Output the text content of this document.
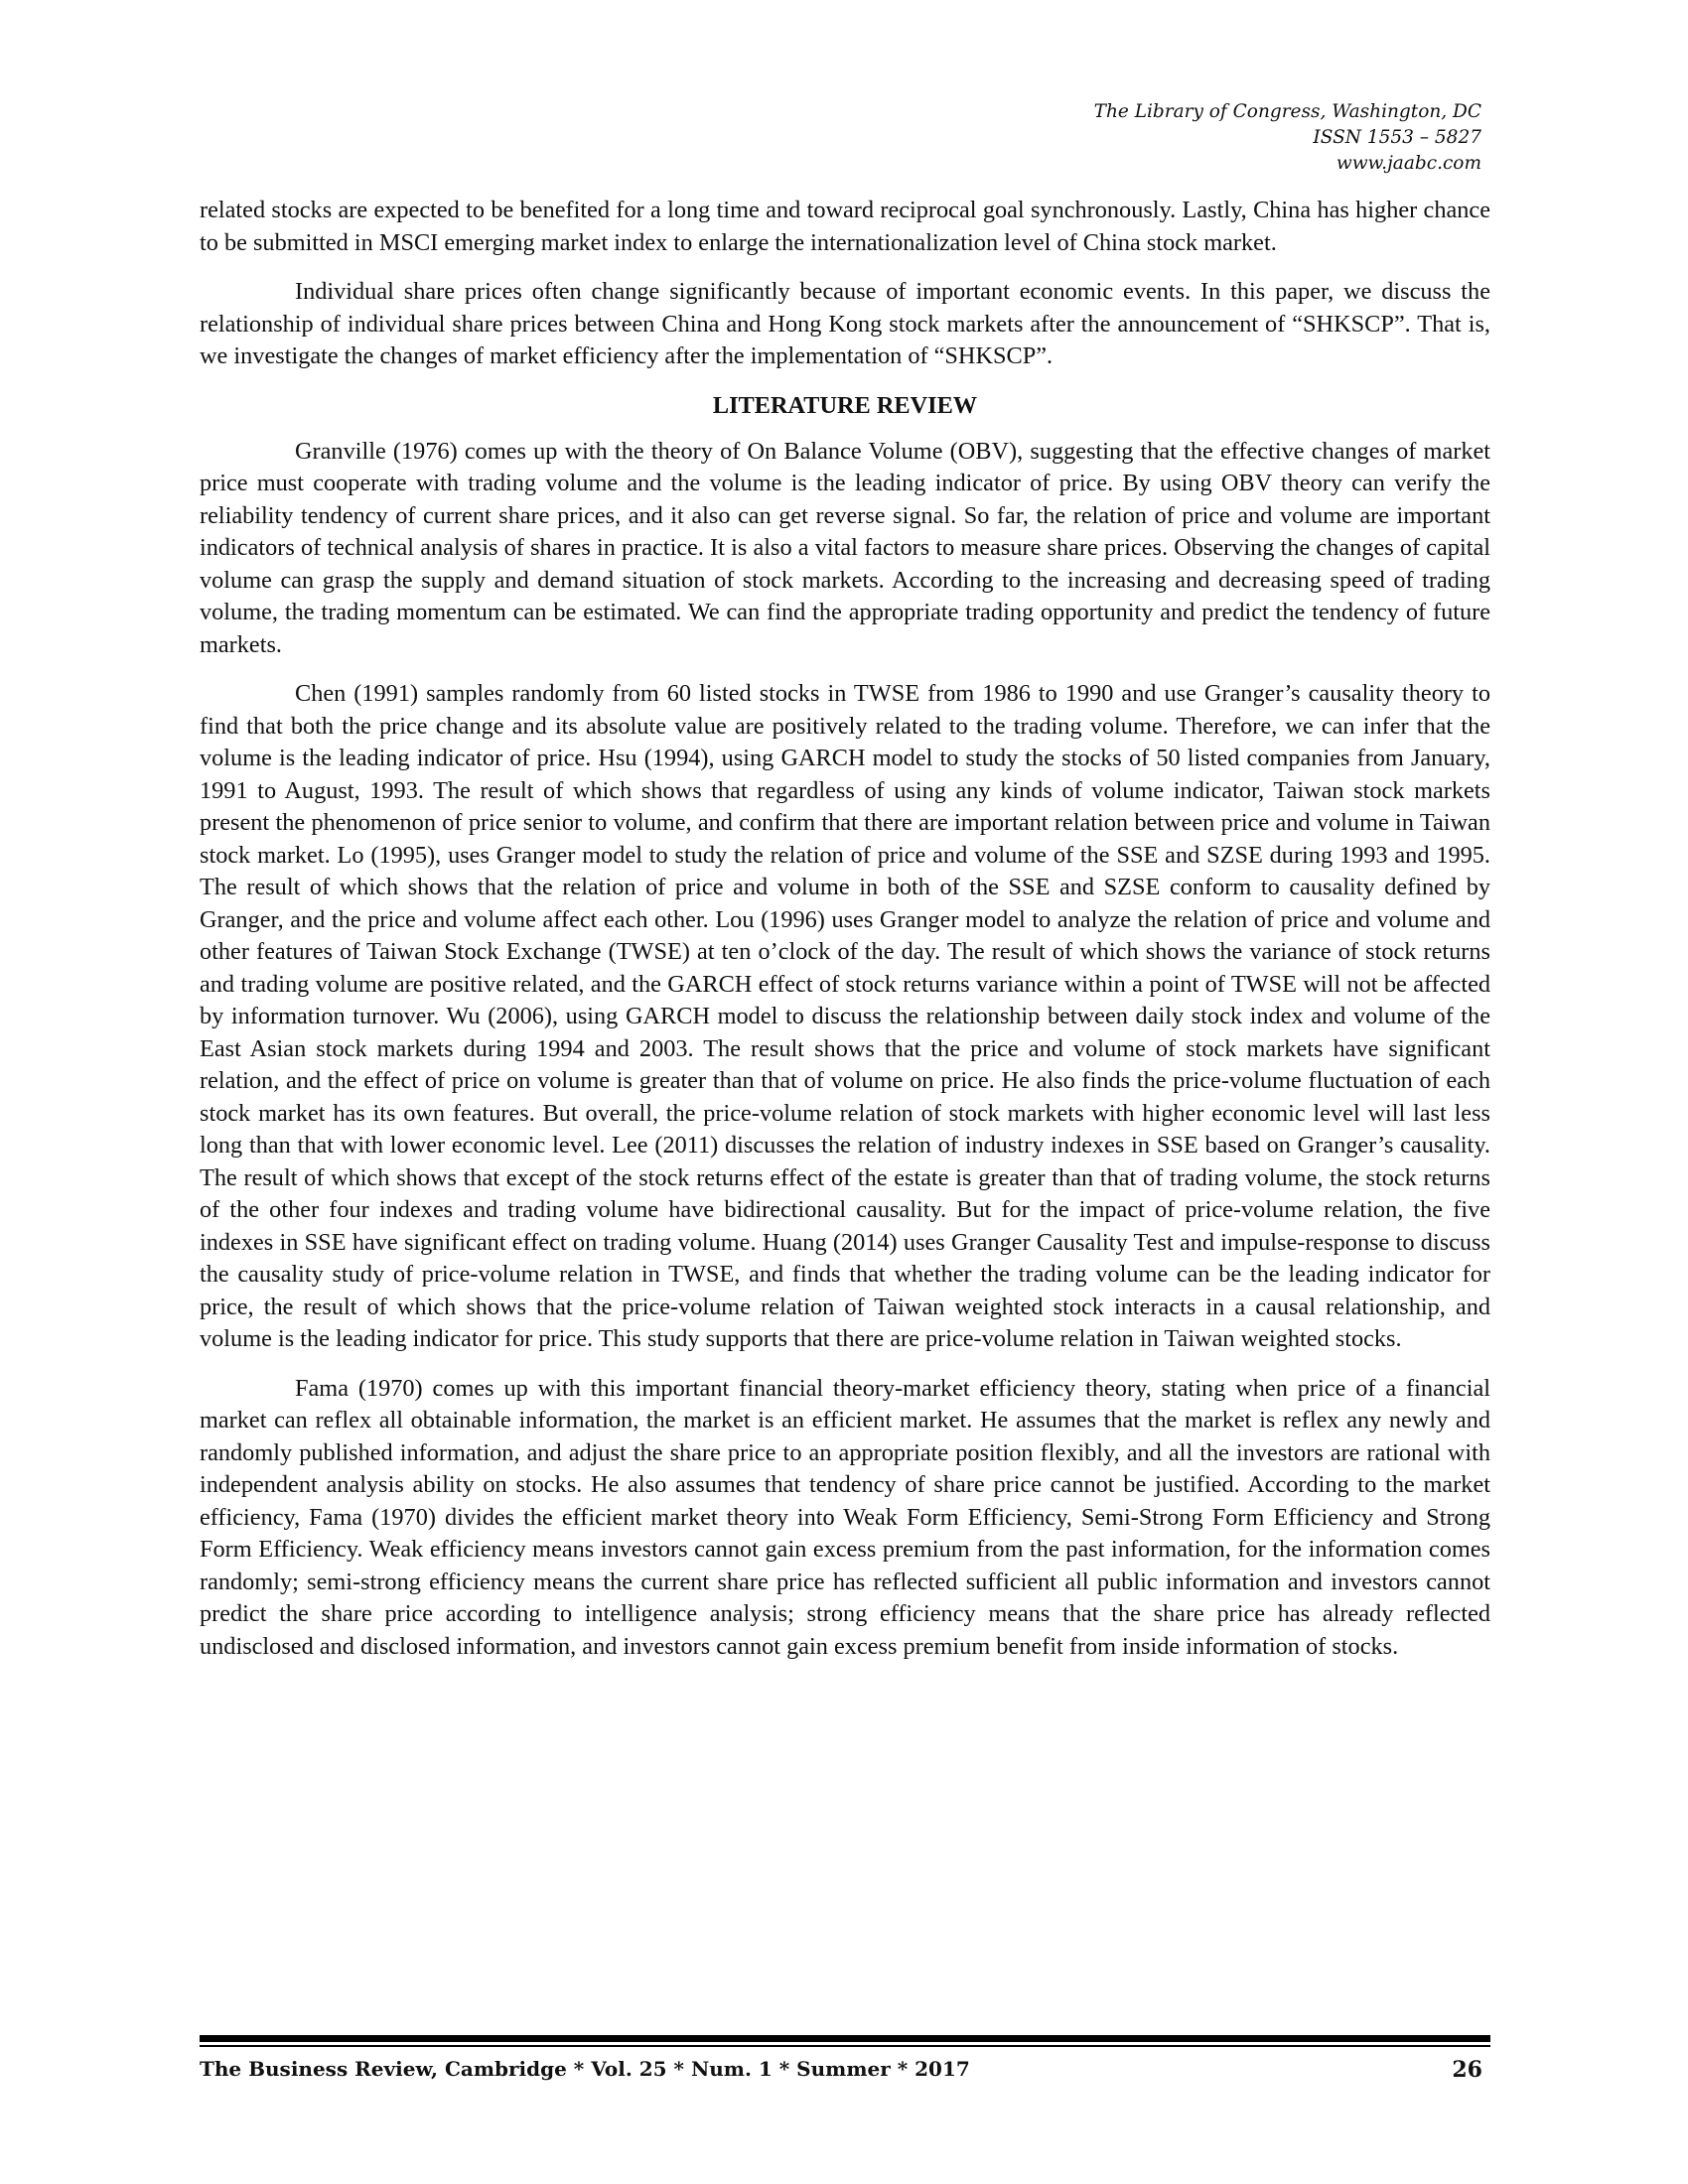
The Library of Congress, Washington, DC
ISSN 1553 – 5827
www.jaabc.com

related stocks are expected to be benefited for a long time and toward reciprocal goal synchronously. Lastly, China has higher chance to be submitted in MSCI emerging market index to enlarge the internationalization level of China stock market.

Individual share prices often change significantly because of important economic events. In this paper, we discuss the relationship of individual share prices between China and Hong Kong stock markets after the announcement of “SHKSCP”. That is, we investigate the changes of market efficiency after the implementation of “SHKSCP”.

LITERATURE REVIEW

Granville (1976) comes up with the theory of On Balance Volume (OBV), suggesting that the effective changes of market price must cooperate with trading volume and the volume is the leading indicator of price. By using OBV theory can verify the reliability tendency of current share prices, and it also can get reverse signal. So far, the relation of price and volume are important indicators of technical analysis of shares in practice. It is also a vital factors to measure share prices. Observing the changes of capital volume can grasp the supply and demand situation of stock markets. According to the increasing and decreasing speed of trading volume, the trading momentum can be estimated. We can find the appropriate trading opportunity and predict the tendency of future markets.

Chen (1991) samples randomly from 60 listed stocks in TWSE from 1986 to 1990 and use Granger’s causality theory to find that both the price change and its absolute value are positively related to the trading volume. Therefore, we can infer that the volume is the leading indicator of price. Hsu (1994), using GARCH model to study the stocks of 50 listed companies from January, 1991 to August, 1993. The result of which shows that regardless of using any kinds of volume indicator, Taiwan stock markets present the phenomenon of price senior to volume, and confirm that there are important relation between price and volume in Taiwan stock market. Lo (1995), uses Granger model to study the relation of price and volume of the SSE and SZSE during 1993 and 1995. The result of which shows that the relation of price and volume in both of the SSE and SZSE conform to causality defined by Granger, and the price and volume affect each other. Lou (1996) uses Granger model to analyze the relation of price and volume and other features of Taiwan Stock Exchange (TWSE) at ten o’clock of the day. The result of which shows the variance of stock returns and trading volume are positive related, and the GARCH effect of stock returns variance within a point of TWSE will not be affected by information turnover. Wu (2006), using GARCH model to discuss the relationship between daily stock index and volume of the East Asian stock markets during 1994 and 2003. The result shows that the price and volume of stock markets have significant relation, and the effect of price on volume is greater than that of volume on price. He also finds the price-volume fluctuation of each stock market has its own features. But overall, the price-volume relation of stock markets with higher economic level will last less long than that with lower economic level. Lee (2011) discusses the relation of industry indexes in SSE based on Granger’s causality. The result of which shows that except of the stock returns effect of the estate is greater than that of trading volume, the stock returns of the other four indexes and trading volume have bidirectional causality. But for the impact of price-volume relation, the five indexes in SSE have significant effect on trading volume. Huang (2014) uses Granger Causality Test and impulse-response to discuss the causality study of price-volume relation in TWSE, and finds that whether the trading volume can be the leading indicator for price, the result of which shows that the price-volume relation of Taiwan weighted stock interacts in a causal relationship, and volume is the leading indicator for price. This study supports that there are price-volume relation in Taiwan weighted stocks.

Fama (1970) comes up with this important financial theory-market efficiency theory, stating when price of a financial market can reflex all obtainable information, the market is an efficient market. He assumes that the market is reflex any newly and randomly published information, and adjust the share price to an appropriate position flexibly, and all the investors are rational with independent analysis ability on stocks. He also assumes that tendency of share price cannot be justified. According to the market efficiency, Fama (1970) divides the efficient market theory into Weak Form Efficiency, Semi-Strong Form Efficiency and Strong Form Efficiency. Weak efficiency means investors cannot gain excess premium from the past information, for the information comes randomly; semi-strong efficiency means the current share price has reflected sufficient all public information and investors cannot predict the share price according to intelligence analysis; strong efficiency means that the share price has already reflected undisclosed and disclosed information, and investors cannot gain excess premium benefit from inside information of stocks.

The Business Review, Cambridge * Vol. 25 * Num. 1 * Summer * 2017	26
